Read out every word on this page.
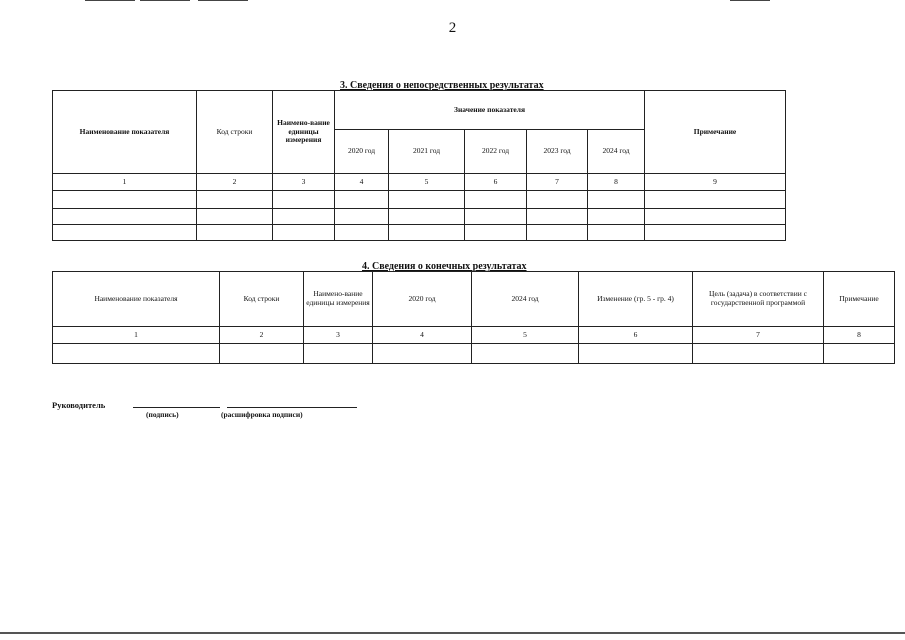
2
3. Сведения о непосредственных результатах
Наименование показателя	Код строки	Наимено-вание единицы измерения	Значение показателя					Примечание
			2020 год	2021 год	2022 год	2023 год	2024 год	
1	2	3	4	5	6	7	8	9

4. Сведения о конечных результатах
Наименование показателя	Код строки	Наимено-вание единицы измерения	2020 год	2024 год	Изменение (гр. 5 - гр. 4)	Цель (задача) в соответствии с государственной программой	Примечание
1	2	3	4	5	6	7	8

Руководитель
(подпись)	(расшифровка подписи)
